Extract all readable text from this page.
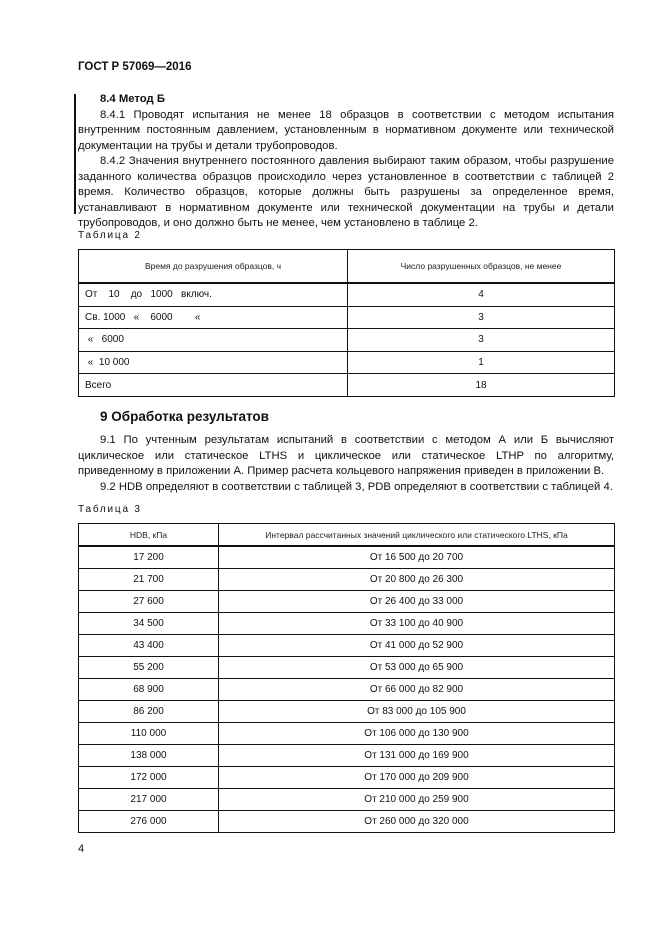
ГОСТ Р 57069—2016

8.4 Метод Б

8.4.1 Проводят испытания не менее 18 образцов в соответствии с методом испытания внутренним постоянным давлением, установленным в нормативном документе или технической документации на трубы и детали трубопроводов.

8.4.2 Значения внутреннего постоянного давления выбирают таким образом, чтобы разрушение заданного количества образцов происходило через установленное в соответствии с таблицей 2 время. Количество образцов, которые должны быть разрушены за определенное время, устанавливают в нормативном документе или технической документации на трубы и детали трубопроводов, и оно должно быть не менее, чем установлено в таблице 2.

Таблица 2
Время до разрушения образцов, ч	Число разрушенных образцов, не менее
От    10    до   1000   включ.	4
Св. 1000   «    6000        «	3
«   6000	3
«  10 000	1
Всего	18
9 Обработка результатов

9.1 По учтенным результатам испытаний в соответствии с методом А или Б вычисляют циклическое или статическое LTHS и циклическое или статическое LTHP по алгоритму, приведенному в приложении А. Пример расчета кольцевого напряжения приведен в приложении В.

9.2 HDB определяют в соответствии с таблицей 3, PDB определяют в соответствии с таблицей 4.

Таблица 3
HDB, кПа	Интервал рассчитанных значений циклического или статического LTHS, кПа
17 200	От 16 500 до 20 700
21 700	От 20 800 до 26 300
27 600	От 26 400 до 33 000
34 500	От 33 100 до 40 900
43 400	От 41 000 до 52 900
55 200	От 53 000 до 65 900
68 900	От 66 000 до 82 900
86 200	От 83 000 до 105 900
110 000	От 106 000 до 130 900
138 000	От 131 000 до 169 900
172 000	От 170 000 до 209 900
217 000	От 210 000 до 259 900
276 000	От 260 000 до 320 000
4
